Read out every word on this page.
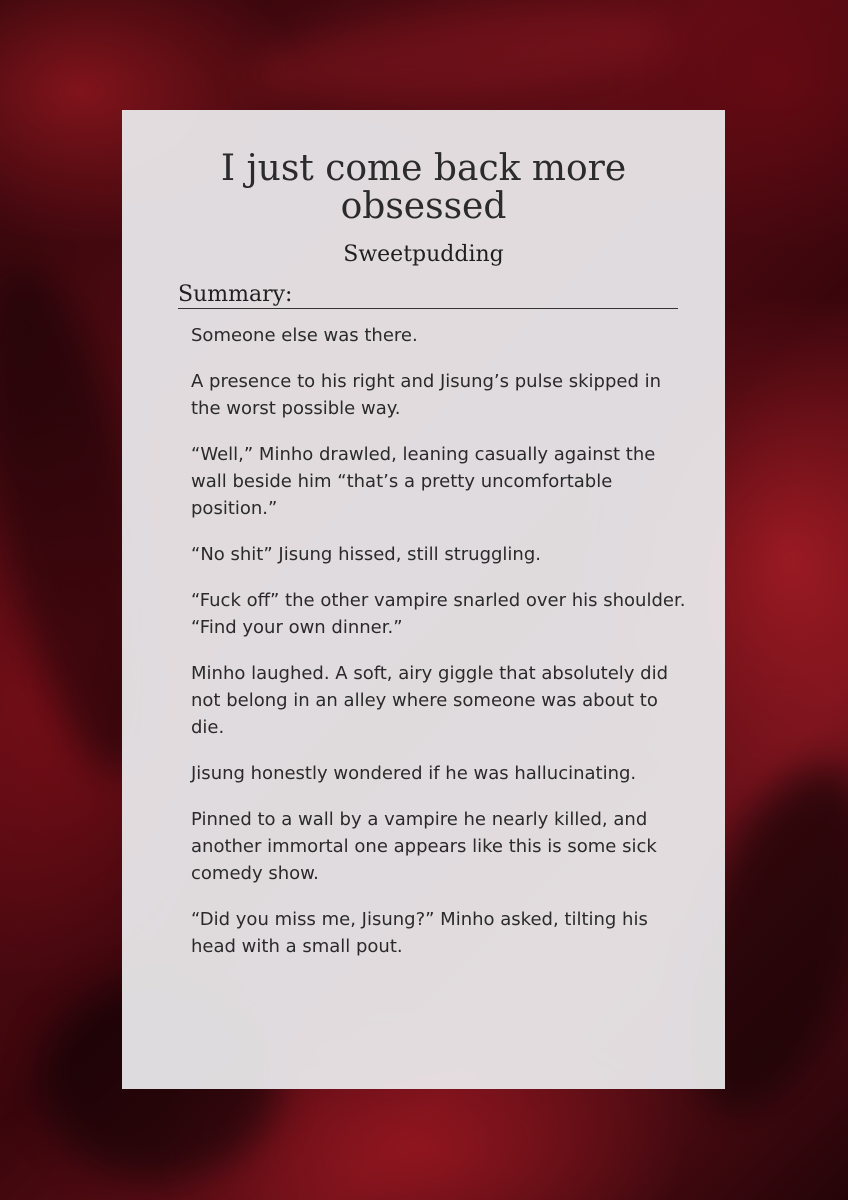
I just come back more
obsessed
Sweetpudding
Summary:

Someone else was there.

A presence to his right and Jisung’s pulse skipped in the worst possible way.

“Well,” Minho drawled, leaning casually against the wall beside him “that’s a pretty uncomfortable position.”

“No shit” Jisung hissed, still struggling.

“Fuck off” the other vampire snarled over his shoulder. “Find your own dinner.”

Minho laughed. A soft, airy giggle that absolutely did not belong in an alley where someone was about to die.

Jisung honestly wondered if he was hallucinating.

Pinned to a wall by a vampire he nearly killed, and another immortal one appears like this is some sick comedy show.

“Did you miss me, Jisung?” Minho asked, tilting his head with a small pout.
